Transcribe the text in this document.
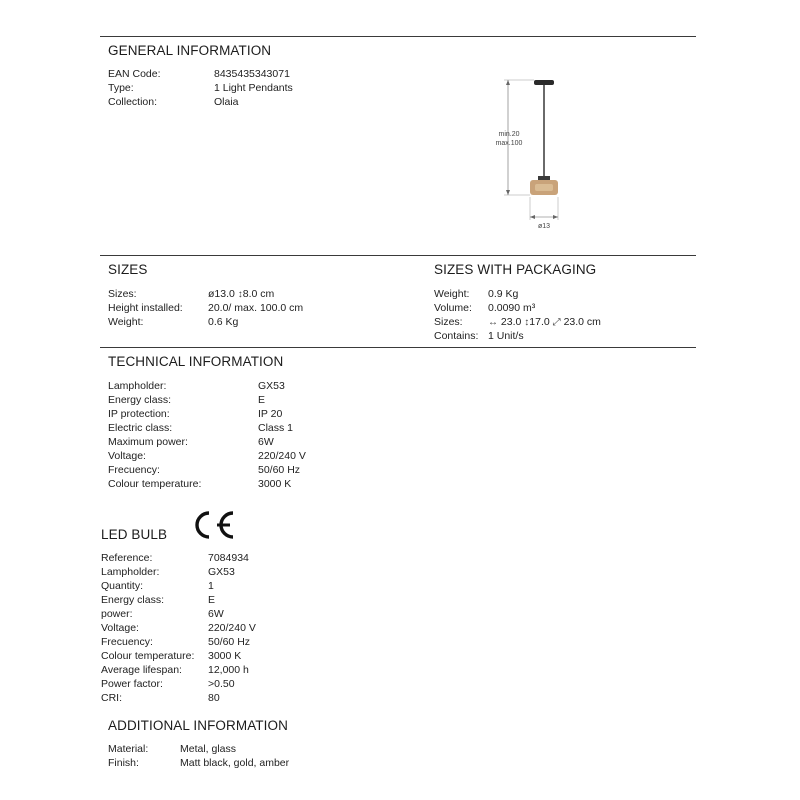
GENERAL INFORMATION
EAN Code:	8435435343071
Type:	1 Light Pendants
Collection:	Olaia
min.20
max.100
ø13
SIZES
Sizes:	ø13.0 ↕8.0 cm
Height installed: 20.0/ max. 100.0 cm
Weight:	0.6 Kg
SIZES WITH PACKAGING
Weight: 0.9 Kg
Volume: 0.0090 m³
Sizes:	↔ 23.0 ↕17.0 ⤢ 23.0 cm
Contains: 1 Unit/s
TECHNICAL INFORMATION
Lampholder:	GX53
Energy class:	E
IP protection:	IP 20
Electric class:	Class 1
Maximum power:	6W
Voltage:	220/240 V
Frecuency:	50/60 Hz
Colour temperature:	3000 K
LED BULB
Reference:	7084934
Lampholder:	GX53
Quantity:	1
Energy class:	E
power:	6W
Voltage:	220/240 V
Frecuency:	50/60 Hz
Colour temperature: 3000 K
Average lifespan: 12,000 h
Power factor:	>0.50
CRI:	80
ADDITIONAL INFORMATION
Material:	Metal, glass
Finish:	Matt black, gold, amber
